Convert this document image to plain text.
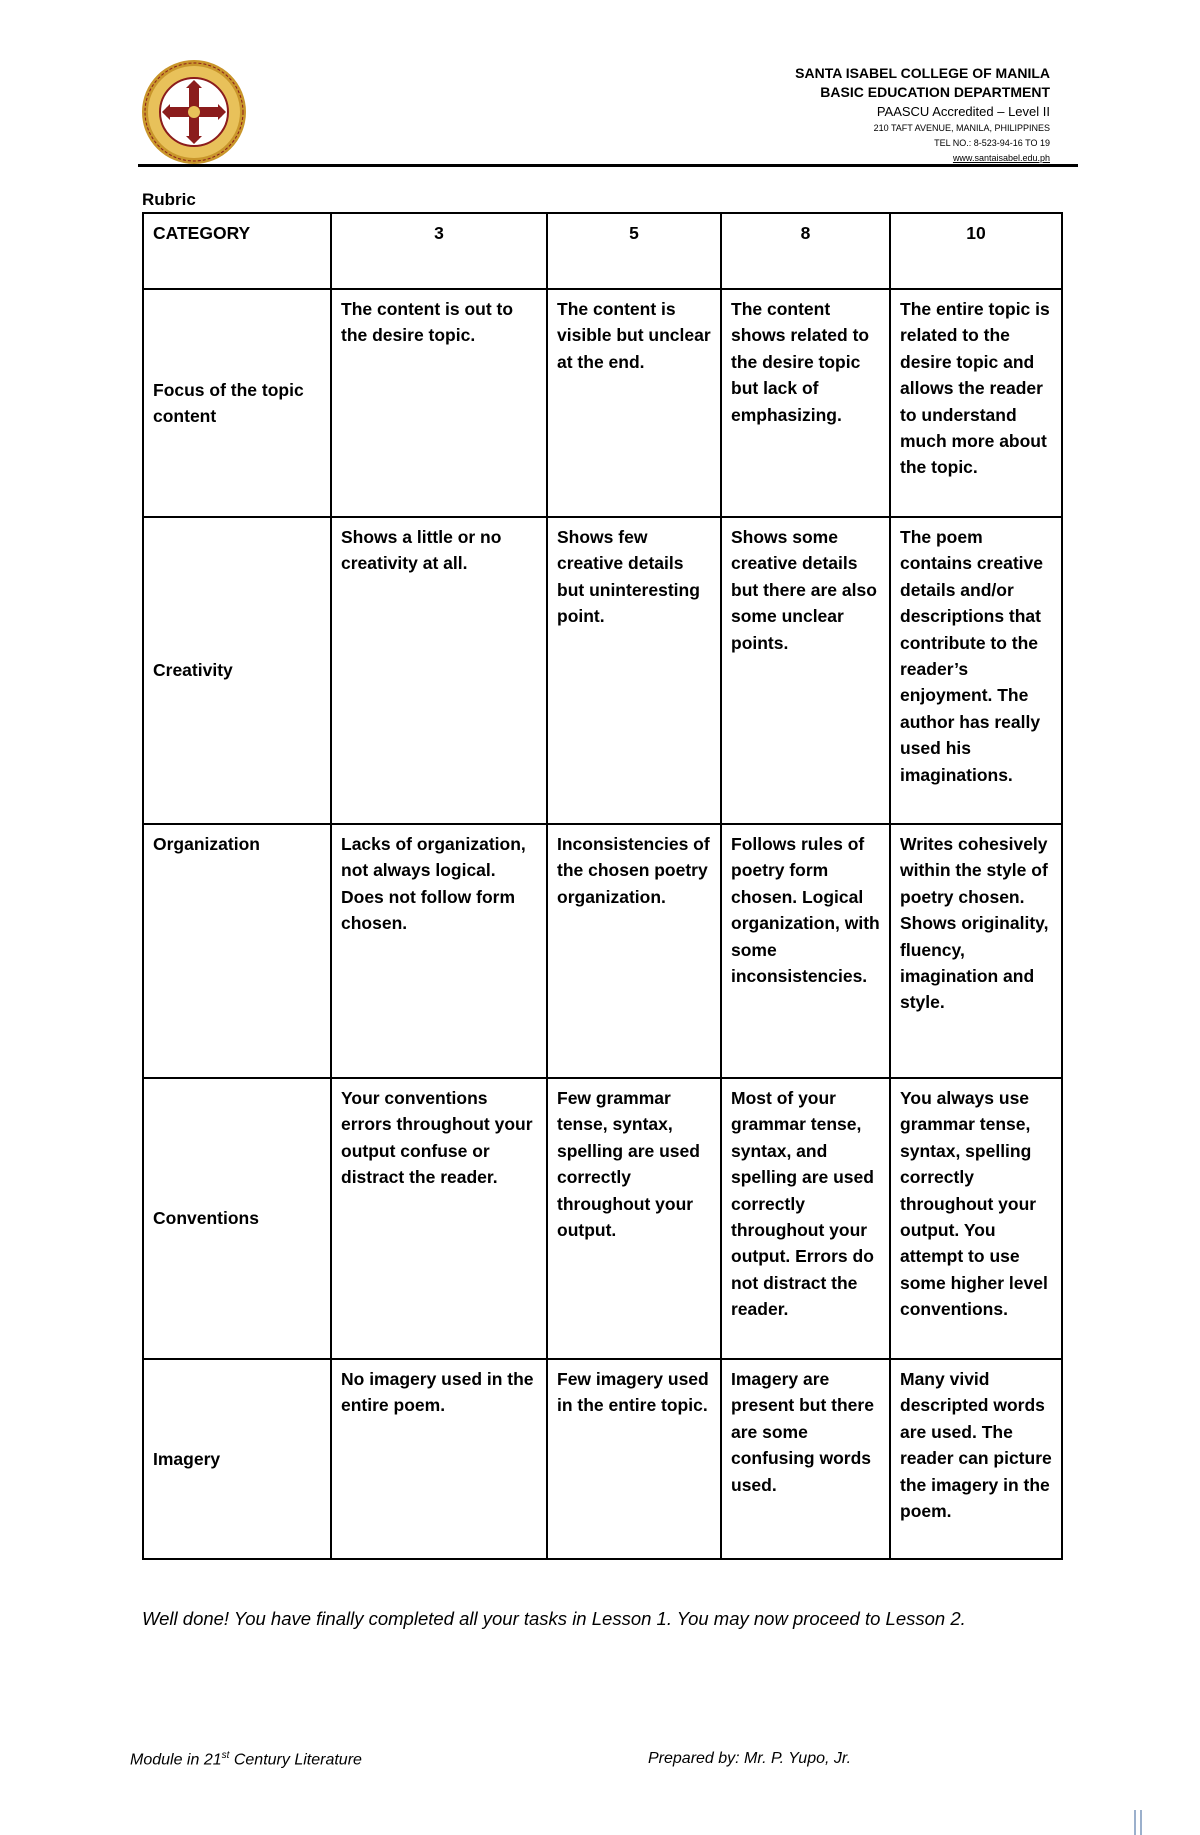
SANTA ISABEL COLLEGE OF MANILA
BASIC EDUCATION DEPARTMENT
PAASCU Accredited – Level II
210 TAFT AVENUE, MANILA, PHILIPPINES
TEL NO.: 8-523-94-16 TO 19
www.santaisabel.edu.ph
Rubric
CATEGORY	3	5	8	10
Focus of the topic content	The content is out to the desire topic.	The content is visible but unclear at the end.	The content shows related to the desire topic but lack of emphasizing.	The entire topic is related to the desire topic and allows the reader to understand much more about the topic.
Creativity	Shows a little or no creativity at all.	Shows few creative details but uninteresting point.	Shows some creative details but there are also some unclear points.	The poem contains creative details and/or descriptions that contribute to the reader’s enjoyment. The author has really used his imaginations.
Organization	Lacks of organization, not always logical. Does not follow form chosen.	Inconsistencies of the chosen poetry organization.	Follows rules of poetry form chosen. Logical organization, with some inconsistencies.	Writes cohesively within the style of poetry chosen. Shows originality, fluency, imagination and style.
Conventions	Your conventions errors throughout your output confuse or distract the reader.	Few grammar tense, syntax, spelling are used correctly throughout your output.	Most of your grammar tense, syntax, and spelling are used correctly throughout your output. Errors do not distract the reader.	You always use grammar tense, syntax, spelling correctly throughout your output. You attempt to use some higher level conventions.
Imagery	No imagery used in the entire poem.	Few imagery used in the entire topic.	Imagery are present but there are some confusing words used.	Many vivid descripted words are used. The reader can picture the imagery in the poem.
Well done! You have finally completed all your tasks in Lesson 1. You may now proceed to Lesson 2.
Module in 21st Century Literature	Prepared by: Mr. P. Yupo, Jr.
